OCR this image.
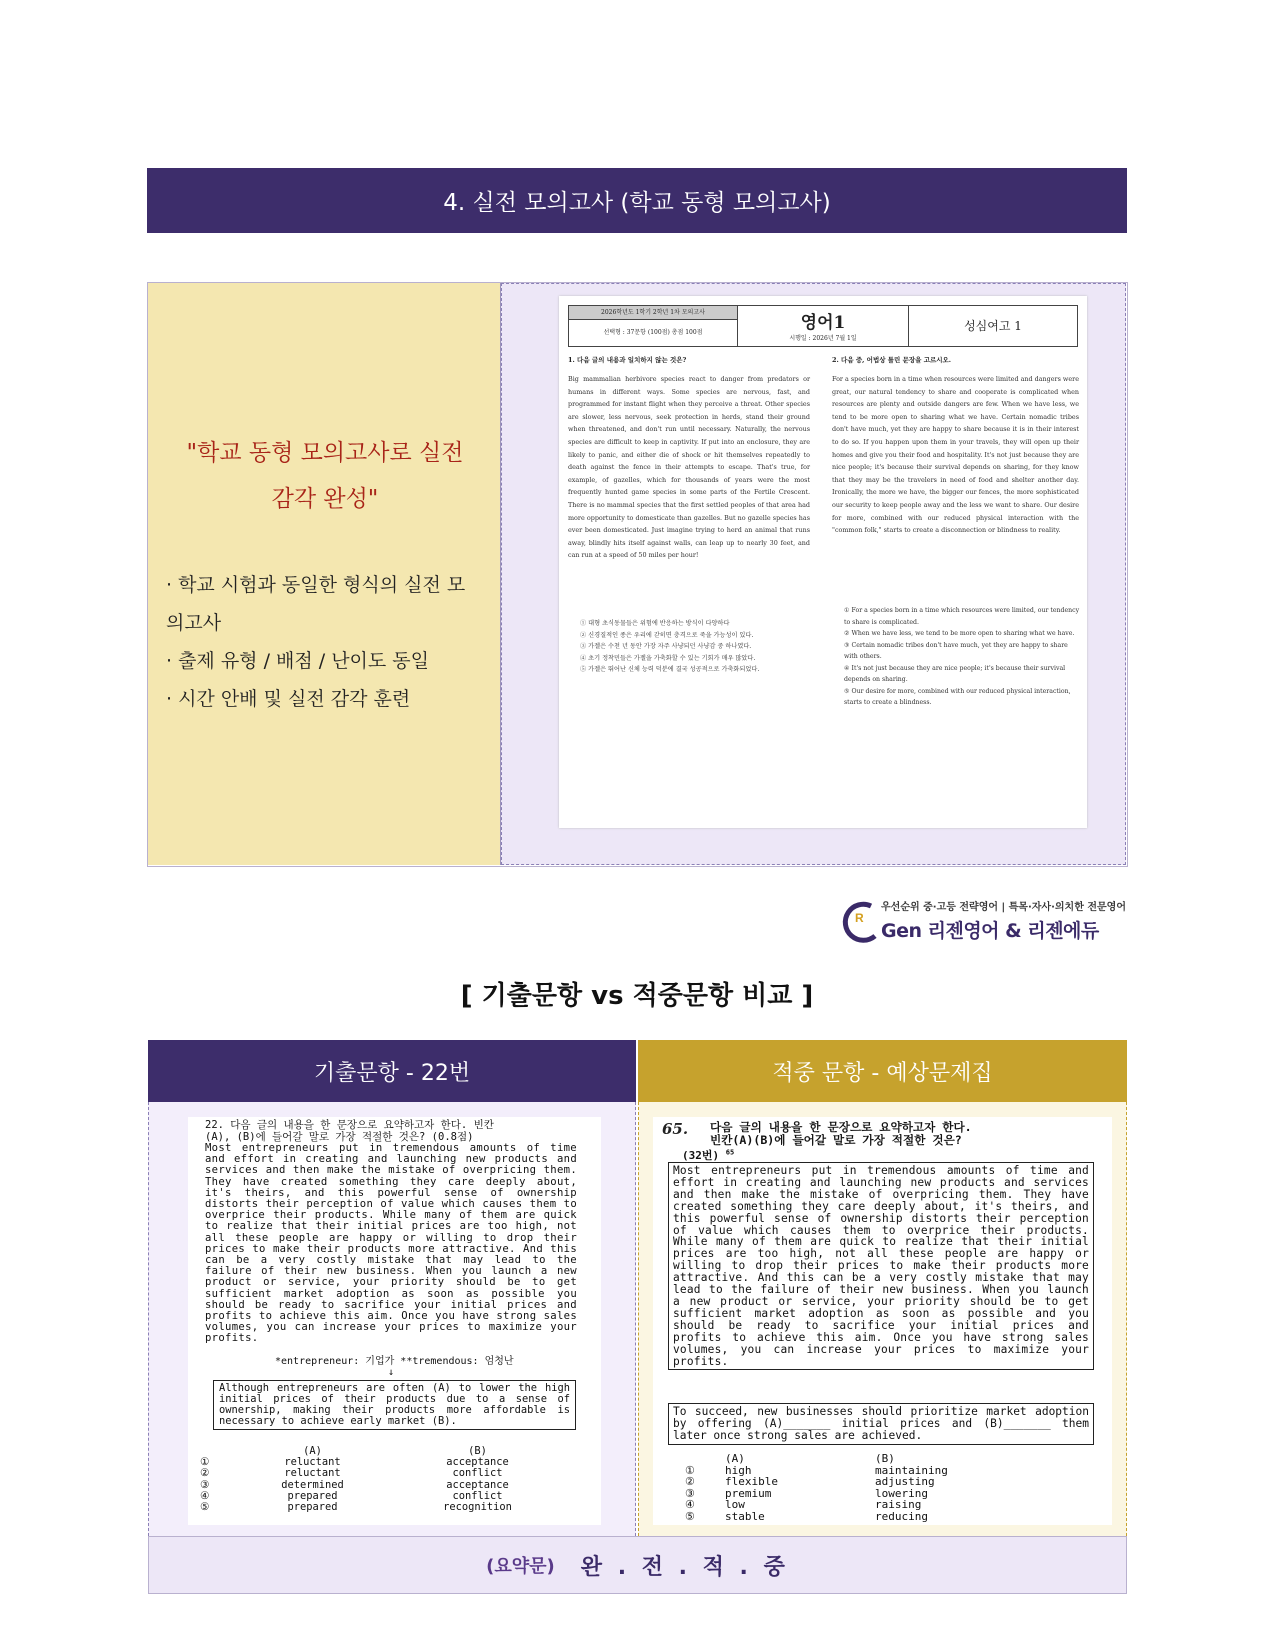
4. 실전 모의고사 (학교 동형 모의고사)
"학교 동형 모의고사로 실전
감각 완성"
· 학교 시험과 동일한 형식의 실전 모
의고사
· 출제 유형 / 배점 / 난이도 동일
· 시간 안배 및 실전 감각 훈련
2026학년도 1학기 2학년 1차 모의고사
선택형 : 37문항 (100점) 총점 100점	영어1
시행일 : 2026년 7월 1일
성심여고 1
1. 다음 글의 내용과 일치하지 않는 것은?
Big mammalian herbivore species react to danger from predators or humans in different ways. Some species are nervous, fast, and programmed for instant flight when they perceive a threat. Other species are slower, less nervous, seek protection in herds, stand their ground when threatened, and don't run until necessary. Naturally, the nervous species are difficult to keep in captivity. If put into an enclosure, they are likely to panic, and either die of shock or hit themselves repeatedly to death against the fence in their attempts to escape. That's true, for example, of gazelles, which for thousands of years were the most frequently hunted game species in some parts of the Fertile Crescent. There is no mammal species that the first settled peoples of that area had more opportunity to domesticate than gazelles. But no gazelle species has ever been domesticated. Just imagine trying to herd an animal that runs away, blindly hits itself against walls, can leap up to nearly 30 feet, and can run at a speed of 50 miles per hour!
① 대형 초식동물들은 위험에 반응하는 방식이 다양하다
② 신경질적인 종은 우리에 갇히면 충격으로 죽을 가능성이 있다.
③ 가젤은 수천 년 동안 가장 자주 사냥되던 사냥감 중 하나였다.
④ 초기 정착민들은 가젤을 가축화할 수 있는 기회가 매우 많았다.
⑤ 가젤은 뛰어난 신체 능력 덕분에 결국 성공적으로 가축화되었다.
2. 다음 중, 어법상 틀린 문장을 고르시오.
For a species born in a time when resources were limited and dangers were great, our natural tendency to share and cooperate is complicated when resources are plenty and outside dangers are few. When we have less, we tend to be more open to sharing what we have. Certain nomadic tribes don't have much, yet they are happy to share because it is in their interest to do so. If you happen upon them in your travels, they will open up their homes and give you their food and hospitality. It's not just because they are nice people; it's because their survival depends on sharing, for they know that they may be the travelers in need of food and shelter another day. Ironically, the more we have, the bigger our fences, the more sophisticated our security to keep people away and the less we want to share. Our desire for more, combined with our reduced physical interaction with the "common folk," starts to create a disconnection or blindness to reality.
① For a species born in a time which resources were limited, our tendency to share is complicated.
② When we have less, we tend to be more open to sharing what we have.
③ Certain nomadic tribes don't have much, yet they are happy to share with others.
④ It's not just because they are nice people; it's because their survival depends on sharing.
⑤ Our desire for more, combined with our reduced physical interaction, starts to create a blindness.
R
우선순위 중·고등 전략영어 | 특목·자사·의치한 전문영어
Gen 리젠영어 & 리젠에듀
[ 기출문항 vs 적중문항 비교 ]
기출문항 - 22번	적중 문항 - 예상문제집
22. 다음 글의 내용을 한 문장으로 요약하고자 한다. 빈칸
(A), (B)에 들어갈 말로 가장 적절한 것은? (0.8점)
Most entrepreneurs put in tremendous amounts of time and effort in creating and launching new products and services and then make the mistake of overpricing them. They have created something they care deeply about, it's theirs, and this powerful sense of ownership distorts their perception of value which causes them to overprice their products. While many of them are quick to realize that their initial prices are too high, not all these people are happy or willing to drop their prices to make their products more attractive. And this can be a very costly mistake that may lead to the failure of their new business. When you launch a new product or service, your priority should be to get sufficient market adoption as soon as possible you should be ready to sacrifice your initial prices and profits to achieve this aim. Once you have strong sales volumes, you can increase your prices to maximize your profits.
*entrepreneur: 기업가 **tremendous: 엄청난
↓
Although entrepreneurs are often (A) to lower the high initial prices of their products due to a sense of ownership, making their products more affordable is necessary to achieve early market (B).
(A)	(B)
①	reluctant	acceptance
②	reluctant	conflict
③	determined	acceptance
④	prepared	conflict
⑤	prepared	recognition
65. 다음 글의 내용을 한 문장으로 요약하고자 한다.
빈칸(A)(B)에 들어갈 말로 가장 적절한 것은?
(32번) $^{65}$
Most entrepreneurs put in tremendous amounts of time and effort in creating and launching new products and services and then make the mistake of overpricing them. They have created something they care deeply about, it's theirs, and this powerful sense of ownership distorts their perception of value which causes them to overprice their products. While many of them are quick to realize that their initial prices are too high, not all these people are happy or willing to drop their prices to make their products more attractive. And this can be a very costly mistake that may lead to the failure of their new business. When you launch a new product or service, your priority should be to get sufficient market adoption as soon as possible and you should be ready to sacrifice your initial prices and profits to achieve this aim. Once you have strong sales volumes, you can increase your prices to maximize your profits.
To succeed, new businesses should prioritize market adoption by offering (A)_______ initial prices and (B)_______ them later once strong sales are achieved.
(A)	(B)
①	high	maintaining
②	flexible	adjusting
③	premium	lowering
④	low	raising
⑤	stable	reducing
(요약문) 완 . 전 . 적 . 중
